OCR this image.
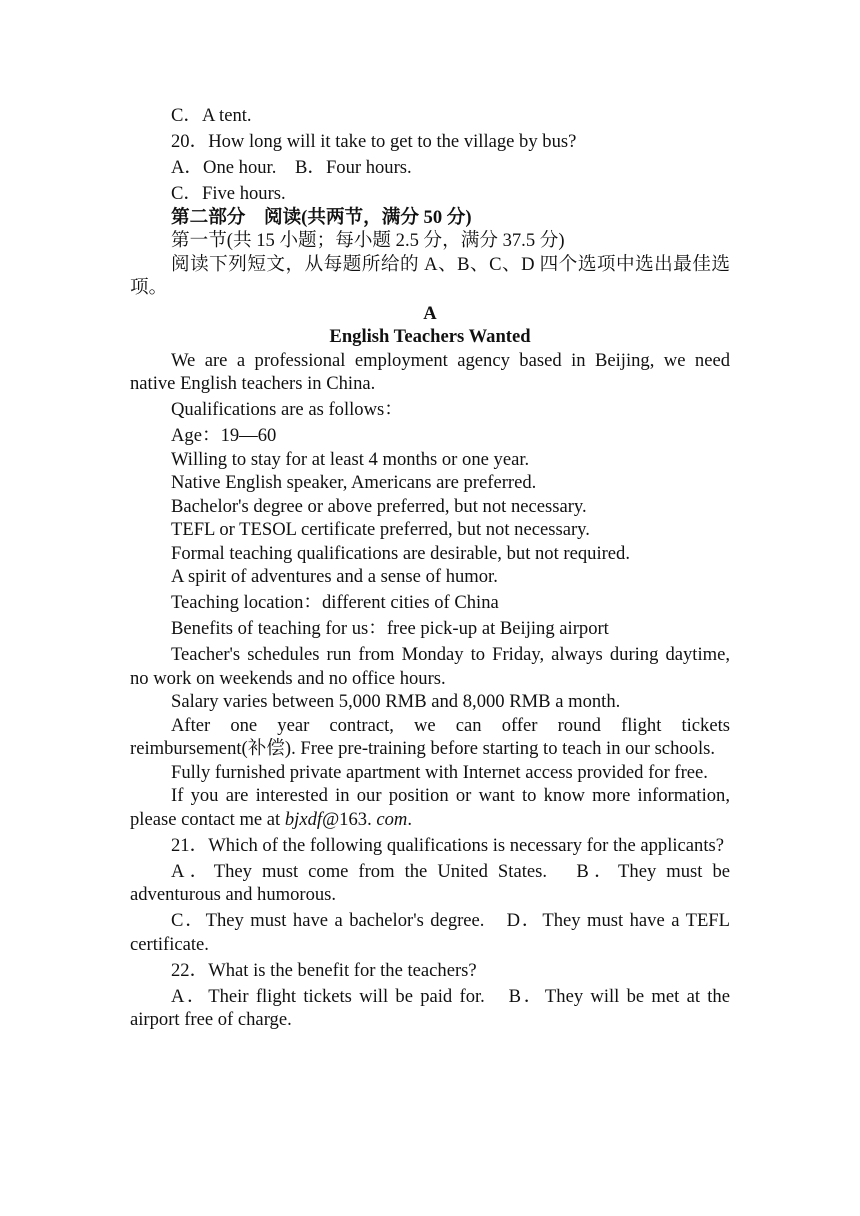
C．A tent.

20．How long will it take to get to the village by bus?

A．One hour.    B．Four hours.

C．Five hours.

第二部分　阅读(共两节，满分 50 分)

第一节(共 15 小题；每小题 2.5 分，满分 37.5 分)

阅读下列短文，从每题所给的 A、B、C、D 四个选项中选出最佳选项。

A

English Teachers Wanted

We are a professional employment agency based in Beijing, we need native English teachers in China.

Qualifications are as follows：

Age：19—60

Willing to stay for at least 4 months or one year.

Native English speaker, Americans are preferred.

Bachelor's degree or above preferred, but not necessary.

TEFL or TESOL certificate preferred, but not necessary.

Formal teaching qualifications are desirable, but not required.

A spirit of adventures and a sense of humor.

Teaching location：different cities of China

Benefits of teaching for us：free pick-up at Beijing airport

Teacher's schedules run from Monday to Friday, always during daytime, no work on weekends and no office hours.

Salary varies between 5,000 RMB and 8,000 RMB a month.

After one year contract, we can offer round flight tickets reimbursement(补偿). Free pre-training before starting to teach in our schools.

Fully furnished private apartment with Internet access provided for free.

If you are interested in our position or want to know more information, please contact me at bjxdf@163. com.

21．Which of the following qualifications is necessary for the applicants?

A．They must come from the United States.　B．They must be adventurous and humorous.

C．They must have a bachelor's degree.　D．They must have a TEFL certificate.

22．What is the benefit for the teachers?

A．Their flight tickets will be paid for.　B．They will be met at the airport free of charge.
